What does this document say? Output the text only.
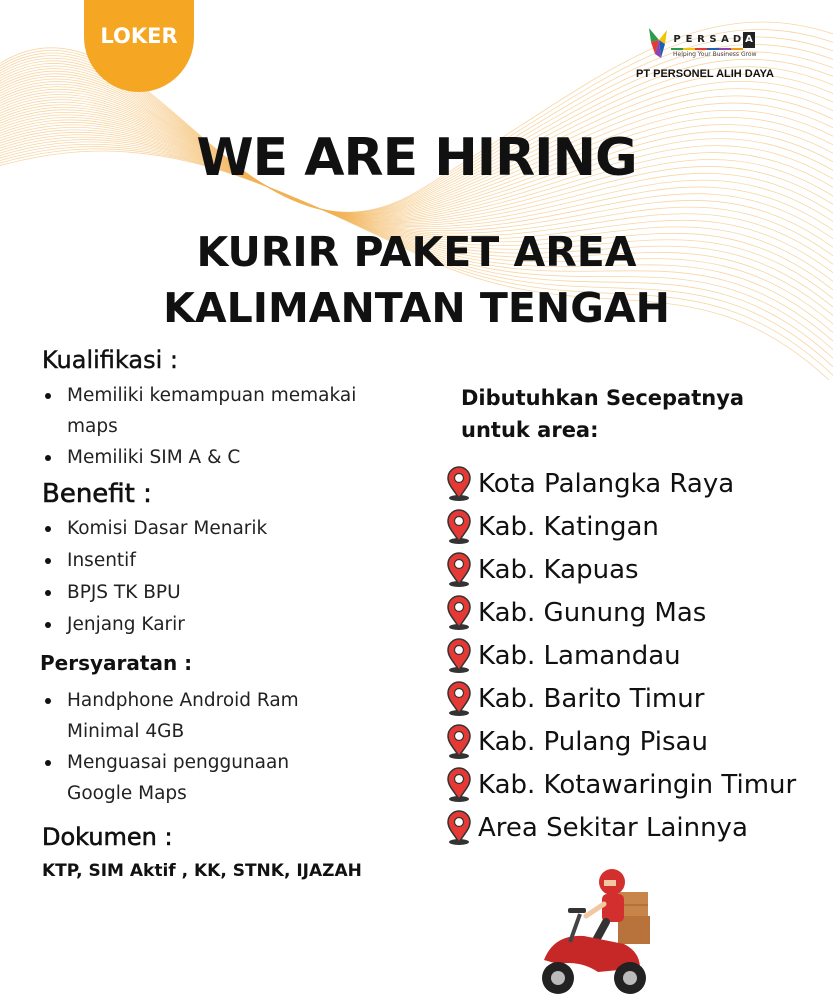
LOKER	P E R S A D A
Helping Your Business Grow
PT PERSONEL ALIH DAYA
WE ARE HIRING
KURIR PAKET AREA
KALIMANTAN TENGAH
Kualifikasi :
Memiliki kemampuan memakai maps
Memiliki SIM A & C
Benefit :
Komisi Dasar Menarik
Insentif
BPJS TK BPU
Jenjang Karir
Persyaratan :
Handphone Android Ram Minimal 4GB
Menguasai penggunaan Google Maps
Dokumen :
KTP, SIM Aktif , KK, STNK, IJAZAH
Dibutuhkan Secepatnya untuk area:
Kota Palangka Raya
Kab. Katingan
Kab. Kapuas
Kab. Gunung Mas
Kab. Lamandau
Kab. Barito Timur
Kab. Pulang Pisau
Kab. Kotawaringin Timur
Area Sekitar Lainnya
